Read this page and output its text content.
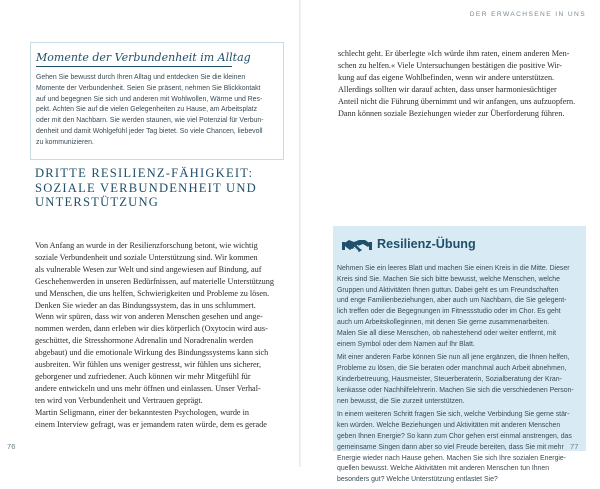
DER ERWACHSENE IN UNS
Momente der Verbundenheit im Alltag
Gehen Sie bewusst durch Ihren Alltag und entdecken Sie die kleinen
Momente der Verbundenheit. Seien Sie präsent, nehmen Sie Blickkontakt
auf und begegnen Sie sich und anderen mit Wohlwollen, Wärme und Res-
pekt. Achten Sie auf die vielen Gelegenheiten zu Hause, am Arbeitsplatz
oder mit den Nachbarn. Sie werden staunen, wie viel Potenzial für Verbun-
denheit und damit Wohlgefühl jeder Tag bietet. So viele Chancen, liebevoll
zu kommunizieren.
DRITTE RESILIENZ-FÄHIGKEIT:
SOZIALE VERBUNDENHEIT UND
UNTERSTÜTZUNG
Von Anfang an wurde in der Resilienzforschung betont, wie wichtig
soziale Verbundenheit und soziale Unterstützung sind. Wir kommen
als vulnerable Wesen zur Welt und sind angewiesen auf Bindung, auf
Geschehenwerden in unseren Bedürfnissen, auf materielle Unterstützung
und Menschen, die uns helfen, Schwierigkeiten und Probleme zu lösen.
Denken Sie wieder an das Bindungssystem, das in uns schlummert.
Wenn wir spüren, dass wir von anderen Menschen gesehen und ange-
nommen werden, dann erleben wir dies körperlich (Oxytocin wird aus-
geschüttet, die Stresshormone Adrenalin und Noradrenalin werden
abgebaut) und die emotionale Wirkung des Bindungssystems kann sich
ausbreiten. Wir fühlen uns weniger gestresst, wir fühlen uns sicherer,
geborgener und zufriedener. Auch können wir mehr Mitgefühl für
andere entwickeln und uns mehr öffnen und einlassen. Unser Verhal-
ten wird von Verbundenheit und Vertrauen geprägt.
Martin Seligmann, einer der bekanntesten Psychologen, wurde in
einem Interview gefragt, was er jemandem raten würde, dem es gerade
76
schlecht geht. Er überlegte »Ich würde ihm raten, einem anderen Men-
schen zu helfen.« Viele Untersuchungen bestätigen die positive Wir-
kung auf das eigene Wohlbefinden, wenn wir andere unterstützen.
Allerdings sollten wir darauf achten, dass unser harmoniesüchtiger
Anteil nicht die Führung übernimmt und wir anfangen, uns aufzuopfern.
Dann können soziale Beziehungen wieder zur Überforderung führen.
Resilienz-Übung

Nehmen Sie ein leeres Blatt und machen Sie einen Kreis in die Mitte. Dieser
Kreis sind Sie. Machen Sie sich bitte bewusst, welche Menschen, welche
Gruppen und Aktivitäten Ihnen guttun. Dabei geht es um Freundschaften
und enge Familienbeziehungen, aber auch um Nachbarn, die Sie gelegent-
lich treffen oder die Begegnungen im Fitnessstudio oder im Chor. Es geht
auch um Arbeitskolleginnen, mit denen Sie gerne zusammenarbeiten.
Malen Sie all diese Menschen, ob nahestehend oder weiter entfernt, mit
einem Symbol oder dem Namen auf Ihr Blatt.

Mit einer anderen Farbe können Sie nun all jene ergänzen, die Ihnen helfen,
Probleme zu lösen, die Sie beraten oder manchmal auch Arbeit abnehmen,
Kinderbetreuung, Hausmeister, Steuerberaterin, Sozialberatung der Kran-
kenkasse oder Nachhilfelehrerin. Machen Sie sich die verschiedenen Person-
nen bewusst, die Sie zurzeit unterstützen.

In einem weiteren Schritt fragen Sie sich, welche Verbindung Sie gerne stär-
ken würden. Welche Beziehungen und Aktivitäten mit anderen Menschen
geben Ihnen Energie? So kann zum Chor gehen erst einmal anstrengen, das
gemeinsame Singen dann aber so viel Freude bereiten, dass Sie mit mehr
Energie wieder nach Hause gehen. Machen Sie sich Ihre sozialen Energie-
quellen bewusst. Welche Aktivitäten mit anderen Menschen tun Ihnen
besonders gut? Welche Unterstützung entlastet Sie?

77
